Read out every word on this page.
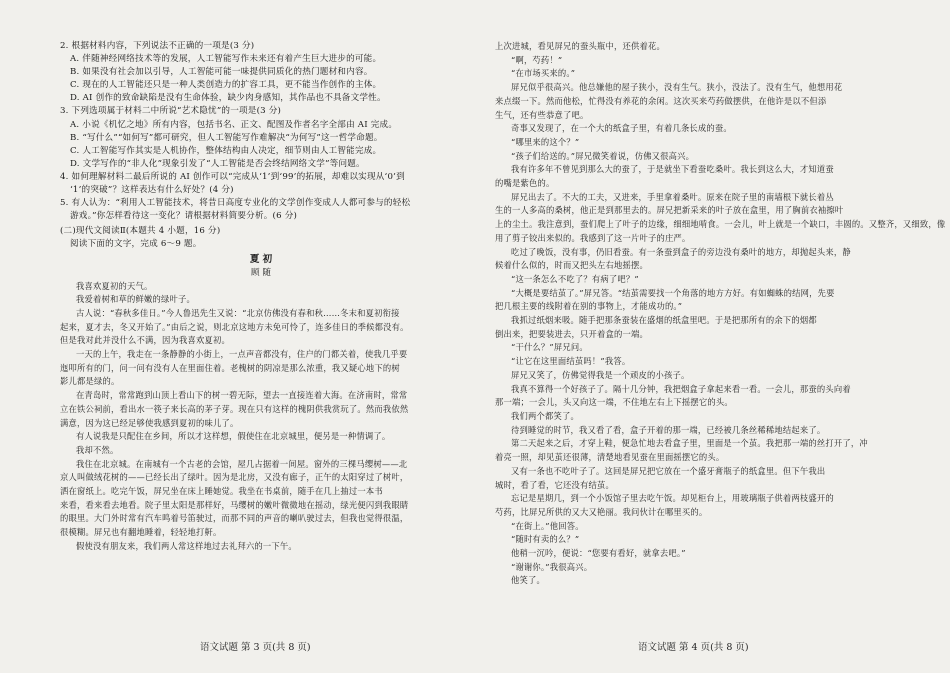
2. 根据材料内容，下列说法不正确的一项是(3 分)
A. 伴随神经网络技术等的发展，人工智能写作未来还有着产生巨大进步的可能。
B. 如果没有社会加以引导，人工智能可能一味提供同质化的热门题材和内容。
C. 现在的人工智能还只是一种人类创造力的扩容工具，更不能当作创作的主体。
D. AI 创作的致命缺陷是没有生命体验，缺少肉身感知，其作品也不具备文学性。
3. 下列选项属于材料二中所说“艺术隐忧”的一项是(3 分)
A. 小说《机忆之地》所有内容，包括书名、正文、配图及作者名字全部由 AI 完成。
B. “写什么”“如何写”都可研究，但人工智能写作难解决“为何写”这一哲学命题。
C. 人工智能写作其实是人机协作，整体结构由人决定，细节则由人工智能完成。
D. 文学写作的“非人化”现象引发了“人工智能是否会终结网络文学”等问题。
4. 如何理解材料二最后所说的 AI 创作可以“完成从‘1’到‘99’的拓展，却难以实现从‘0’到
‘1’的突破”？这样表达有什么好处？(4 分)
5. 有人认为：“利用人工智能技术，将昔日高度专业化的文学创作变成人人都可参与的轻松
游戏。”你怎样看待这一变化？请根据材料简要分析。(6 分)
(二)现代文阅读Ⅱ(本题共 4 小题，16 分)
阅读下面的文字，完成 6～9 题。
夏 初
顾 随
我喜欢夏初的天气。
我爱着树和草的鲜嫩的绿叶子。
古人说：“春秋多佳日。”今人鲁迅先生又说：“北京仿佛没有春和秋……冬末和夏初衔接
起来，夏才去，冬又开始了。”由后之说，则北京这地方未免可怜了，连多佳日的季候都没有。
但是我对此并没什么不满，因为我喜欢夏初。
一天的上午，我走在一条静静的小街上，一点声音都没有，住户的门都关着，使我几乎要
迤叩所有的门，问一问有没有人在里面住着。老槐树的阴凉是那么浓重，我又疑心地下的树
影儿都是绿的。
在青岛时，常常跑到山顶上看山下的树一碧无际，望去一直接连着大海。在济南时，常常
立在铁公祠前，看出水一筷子来长高的茅子芽。现在只有这样的槐阴供我赏玩了。然而我依然
满意，因为这已经足够使我感到夏初的味儿了。
有人说我是只配住在乡间，所以才这样想，假使住在北京城里，便另是一种情调了。
我却不然。
我住在北京城。在南城有一个古老的会馆，屋几占据着一间屋。窗外的三棵马缨树——北
京人叫做绒花树的——已经长出了绿叶。因为是北房，又没有廊子，正午的太阳穿过了树叶，
洒在窗纸上。吃完午饭，屏兄坐在床上睡她觉。我坐在书桌前，随手在几上抽过一本书
来看，看来看去地看。院子里太阳是那样好，马缨树的嫩叶微微地在摇动，绿光便闪到我眼睛
的眼里。大门外时常有汽车鸣着号笛驶过，而那不同的声音的喇叭驶过去，但我也觉得很温，
很模糊。屏兄也有翻地睡着，轻轻地打鼾。
假使没有朋友来，我们两人常这样地过去礼拜六的一下午。
上次进城，看见屏兄的蚕头瓶中，还供着花。
“啊，芍药！”
“在市场买来的。”
屏兄似乎很高兴。他总嫌他的屋子狭小，没有生气。狭小，没法了。没有生气，他想用花
来点缀一下。然而他松，忙得没有养花的余闲。这次买来芍药做摆供，在他许是以不但添
生气，还有些恭意了吧。
奇事又发现了，在一个大的纸盒子里，有着几条长成的蚕。
“哪里来的这个？”
“孩子们给送的。”屏兄微笑着说，仿佛又很高兴。
我有许多年不曾见到那么大的蚕了，于是就坐下看蚕吃桑叶。我长到这么大，才知道蚕
的嘴是紫色的。
屏兄出去了。不大的工夫，又进来，手里拿着桑叶。原来在院子里的南墙根下就长着丛
生的一人多高的桑树，他正是到那里去的。屏兄把新采来的叶子放在盒里，用了胸前衣袖擦叶
上的尘土。我注意到，蚕们爬上了叶子的边缘，细细地啃食。一会儿，叶上就是一个缺口，丰圆的。又整齐，又细致，像
用了剪子铰出来似的。我感到了这一片叶子的庄严。
吃过了晚饭，没有事，仍旧看蚕。有一条蚕到盒子的旁边没有桑叶的地方，却抛起头来，静
候着什么似的，时而又把头左右地摇摆。
“这一条怎么不吃了？有病了吧？”
“大概是要结茧了。”屏兄答。“结茧需要找一个角落的地方方好。有如蜘蛛的结网，先要
把几根主要的线附着在别的事物上，才能成功的。”
我抓过纸烟来吸。随手把那条蚕装在盛烟的纸盒里吧。于是把那所有的余下的烟都
倒出来，把要装进去，只开着盒的一端。
“干什么？”屏兄问。
“让它在这里面结茧吗！”我答。
屏兄又笑了，仿佛觉得我是一个顽皮的小孩子。
我真不算得一个好孩子了。隔十几分钟，我把烟盒子拿起来看一看。一会儿，那蚕的头向着
那一端；一会儿，头又向这一端，不住地左右上下摇摆它的头。
我们两个都笑了。
待到睡觉的时节，我又看了看，盒子开着的那一端，已经被几条丝稀稀地结起来了。
第二天起来之后，才穿上鞋，便急忙地去看盒子里，里面是一个茧。我把那一端的丝打开了，冲
着亮一照，却见茧还很薄，清楚地看见蚕在里面摇摆它的头。
又有一条也不吃叶子了。这回是屏兄把它放在一个盛牙膏瓶子的纸盒里。但下午我出
城时，看了看，它还没有结茧。
忘记是星期几，到一个小饭馆子里去吃午饭。却见柜台上，用玻璃瓶子供着两枝盛开的
芍药，比屏兄所供的又大又艳丽。我问伙计在哪里买的。
“在街上。”他回答。
“随时有卖的么？”
他稍一沉吟，便说：“您要有看好，就拿去吧。”
“谢谢你。”我很高兴。
他笑了。
语文试题 第 3 页(共 8 页)	语文试题 第 4 页(共 8 页)
